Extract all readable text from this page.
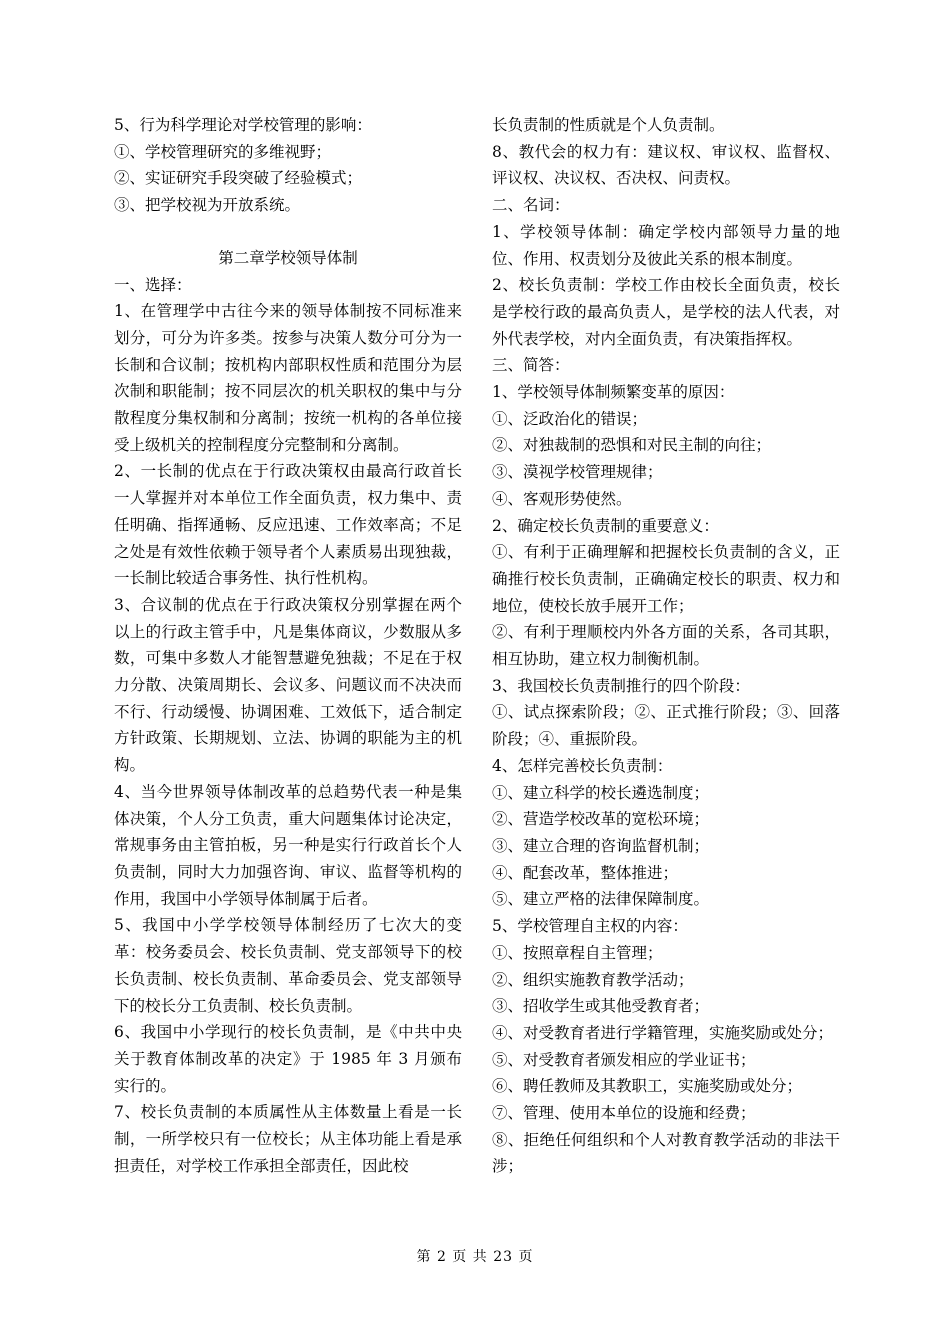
5、行为科学理论对学校管理的影响：

①、学校管理研究的多维视野；

②、实证研究手段突破了经验模式；

③、把学校视为开放系统。

第二章学校领导体制

一、选择：

1、在管理学中古往今来的领导体制按不同标准来划分，可分为许多类。按参与决策人数分可分为一长制和合议制；按机构内部职权性质和范围分为层次制和职能制；按不同层次的机关职权的集中与分散程度分集权制和分离制；按统一机构的各单位接受上级机关的控制程度分完整制和分离制。

2、一长制的优点在于行政决策权由最高行政首长一人掌握并对本单位工作全面负责，权力集中、责任明确、指挥通畅、反应迅速、工作效率高；不足之处是有效性依赖于领导者个人素质易出现独裁，一长制比较适合事务性、执行性机构。

3、合议制的优点在于行政决策权分别掌握在两个以上的行政主管手中，凡是集体商议，少数服从多数，可集中多数人才能智慧避免独裁；不足在于权力分散、决策周期长、会议多、问题议而不决决而不行、行动缓慢、协调困难、工效低下，适合制定方针政策、长期规划、立法、协调的职能为主的机构。

4、当今世界领导体制改革的总趋势代表一种是集体决策，个人分工负责，重大问题集体讨论决定，常规事务由主管拍板，另一种是实行行政首长个人负责制，同时大力加强咨询、审议、监督等机构的作用，我国中小学领导体制属于后者。

5、我国中小学学校领导体制经历了七次大的变革：校务委员会、校长负责制、党支部领导下的校长负责制、校长负责制、革命委员会、党支部领导下的校长分工负责制、校长负责制。

6、我国中小学现行的校长负责制，是《中共中央关于教育体制改革的决定》于 1985 年 3 月颁布实行的。

7、校长负责制的本质属性从主体数量上看是一长制，一所学校只有一位校长；从主体功能上看是承担责任，对学校工作承担全部责任，因此校

长负责制的性质就是个人负责制。

8、教代会的权力有：建议权、审议权、监督权、评议权、决议权、否决权、问责权。

二、名词：

1、学校领导体制：确定学校内部领导力量的地位、作用、权责划分及彼此关系的根本制度。

2、校长负责制：学校工作由校长全面负责，校长是学校行政的最高负责人，是学校的法人代表，对外代表学校，对内全面负责，有决策指挥权。

三、简答：

1、学校领导体制频繁变革的原因：

①、泛政治化的错误；

②、对独裁制的恐惧和对民主制的向往；

③、漠视学校管理规律；

④、客观形势使然。

2、确定校长负责制的重要意义：

①、有利于正确理解和把握校长负责制的含义，正确推行校长负责制，正确确定校长的职责、权力和地位，使校长放手展开工作；

②、有利于理顺校内外各方面的关系，各司其职，相互协助，建立权力制衡机制。

3、我国校长负责制推行的四个阶段：

①、试点探索阶段；②、正式推行阶段；③、回落阶段；④、重振阶段。

4、怎样完善校长负责制：

①、建立科学的校长遴选制度；

②、营造学校改革的宽松环境；

③、建立合理的咨询监督机制；

④、配套改革，整体推进；

⑤、建立严格的法律保障制度。

5、学校管理自主权的内容：

①、按照章程自主管理；

②、组织实施教育教学活动；

③、招收学生或其他受教育者；

④、对受教育者进行学籍管理，实施奖励或处分；

⑤、对受教育者颁发相应的学业证书；

⑥、聘任教师及其教职工，实施奖励或处分；

⑦、管理、使用本单位的设施和经费；

⑧、拒绝任何组织和个人对教育教学活动的非法干涉；

第 2 页 共 23 页
